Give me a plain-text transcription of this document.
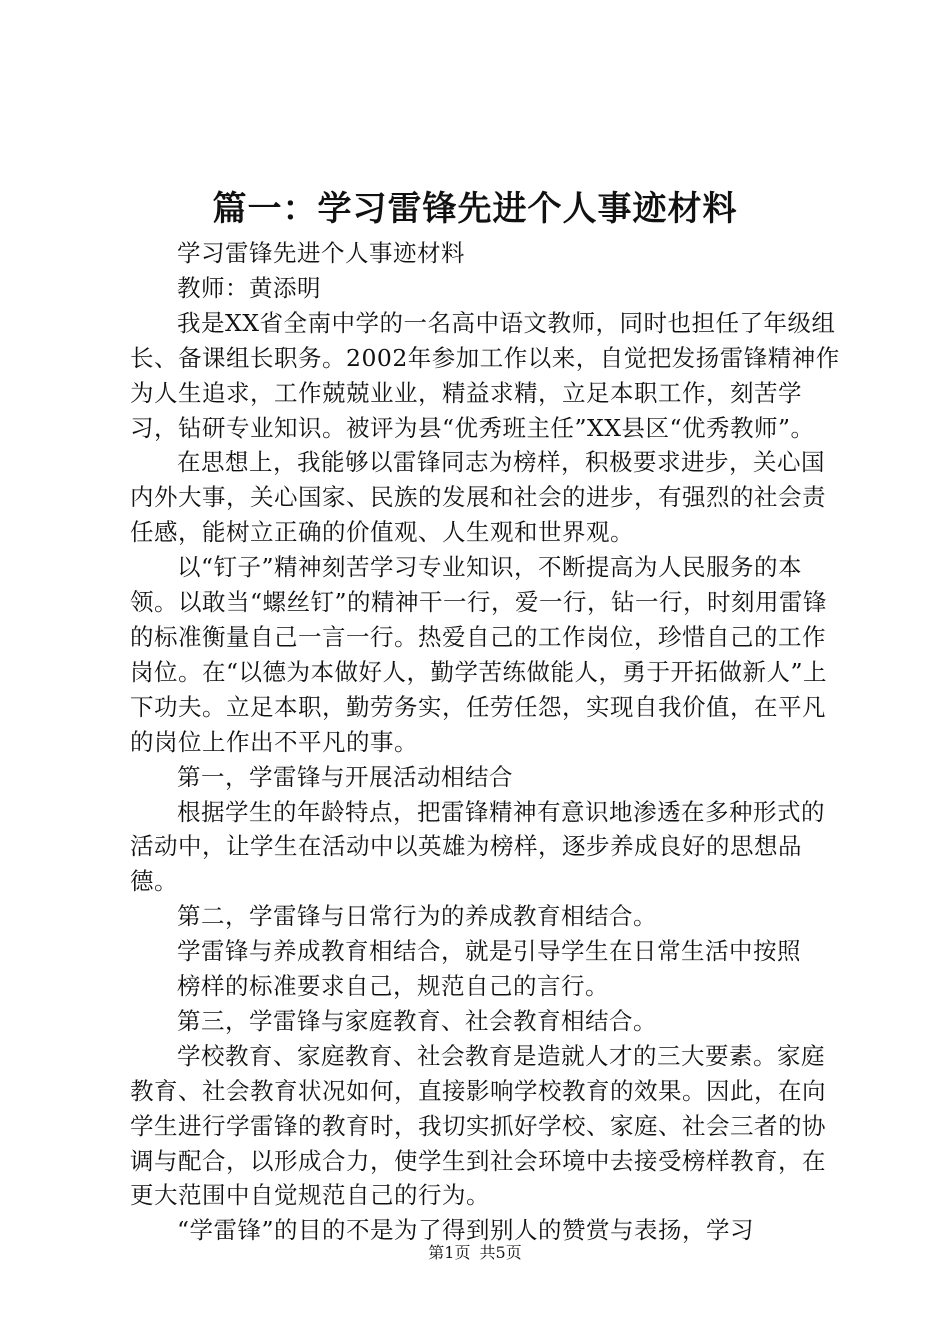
篇一：学习雷锋先进个人事迹材料

学习雷锋先进个人事迹材料

教师：黄添明

我是XX省全南中学的一名高中语文教师，同时也担任了年级组长、备课组长职务。2002年参加工作以来，自觉把发扬雷锋精神作为人生追求，工作兢兢业业，精益求精，立足本职工作，刻苦学习，钻研专业知识。被评为县“优秀班主任”XX县区“优秀教师”。

在思想上，我能够以雷锋同志为榜样，积极要求进步，关心国内外大事，关心国家、民族的发展和社会的进步，有强烈的社会责任感，能树立正确的价值观、人生观和世界观。

以“钉子”精神刻苦学习专业知识，不断提高为人民服务的本领。以敢当“螺丝钉”的精神干一行，爱一行，钻一行，时刻用雷锋的标准衡量自己一言一行。热爱自己的工作岗位，珍惜自己的工作岗位。在“以德为本做好人，勤学苦练做能人，勇于开拓做新人”上下功夫。立足本职，勤劳务实，任劳任怨，实现自我价值，在平凡的岗位上作出不平凡的事。

第一，学雷锋与开展活动相结合

根据学生的年龄特点，把雷锋精神有意识地渗透在多种形式的活动中，让学生在活动中以英雄为榜样，逐步养成良好的思想品德。

第二，学雷锋与日常行为的养成教育相结合。

学雷锋与养成教育相结合，就是引导学生在日常生活中按照

榜样的标准要求自己，规范自己的言行。

第三，学雷锋与家庭教育、社会教育相结合。

学校教育、家庭教育、社会教育是造就人才的三大要素。家庭教育、社会教育状况如何，直接影响学校教育的效果。因此，在向学生进行学雷锋的教育时，我切实抓好学校、家庭、社会三者的协调与配合，以形成合力，使学生到社会环境中去接受榜样教育，在更大范围中自觉规范自己的行为。

“学雷锋”的目的不是为了得到别人的赞赏与表扬，学习

第1页 共5页
